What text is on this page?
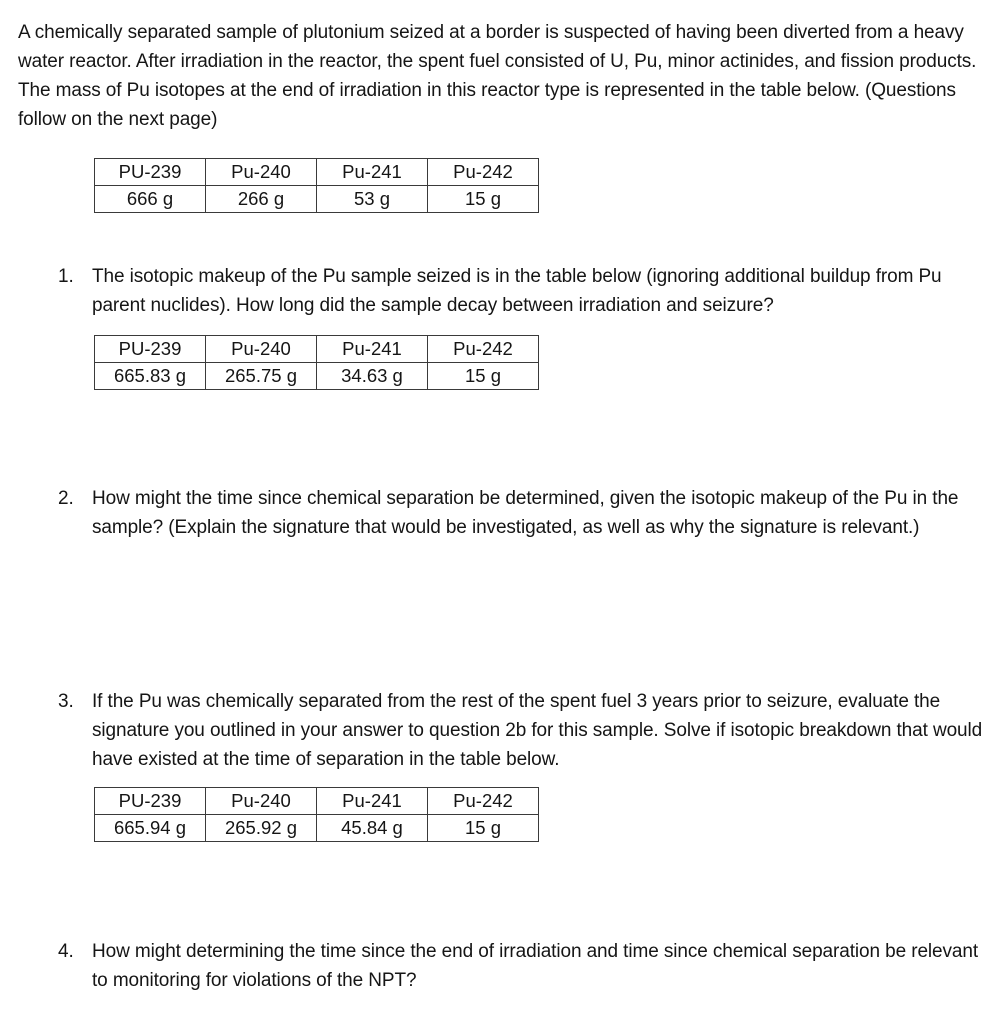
A chemically separated sample of plutonium seized at a border is suspected of having been diverted from a heavy water reactor. After irradiation in the reactor, the spent fuel consisted of U, Pu, minor actinides, and fission products. The mass of Pu isotopes at the end of irradiation in this reactor type is represented in the table below. (Questions follow on the next page)
PU-239	Pu-240	Pu-241	Pu-242
666 g	266 g	53 g	15 g
1. The isotopic makeup of the Pu sample seized is in the table below (ignoring additional buildup from Pu parent nuclides). How long did the sample decay between irradiation and seizure?
PU-239	Pu-240	Pu-241	Pu-242
665.83 g	265.75 g	34.63 g	15 g
2. How might the time since chemical separation be determined, given the isotopic makeup of the Pu in the sample? (Explain the signature that would be investigated, as well as why the signature is relevant.)
3. If the Pu was chemically separated from the rest of the spent fuel 3 years prior to seizure, evaluate the signature you outlined in your answer to question 2b for this sample. Solve if isotopic breakdown that would have existed at the time of separation in the table below.
PU-239	Pu-240	Pu-241	Pu-242
665.94 g	265.92 g	45.84 g	15 g
4. How might determining the time since the end of irradiation and time since chemical separation be relevant to monitoring for violations of the NPT?
